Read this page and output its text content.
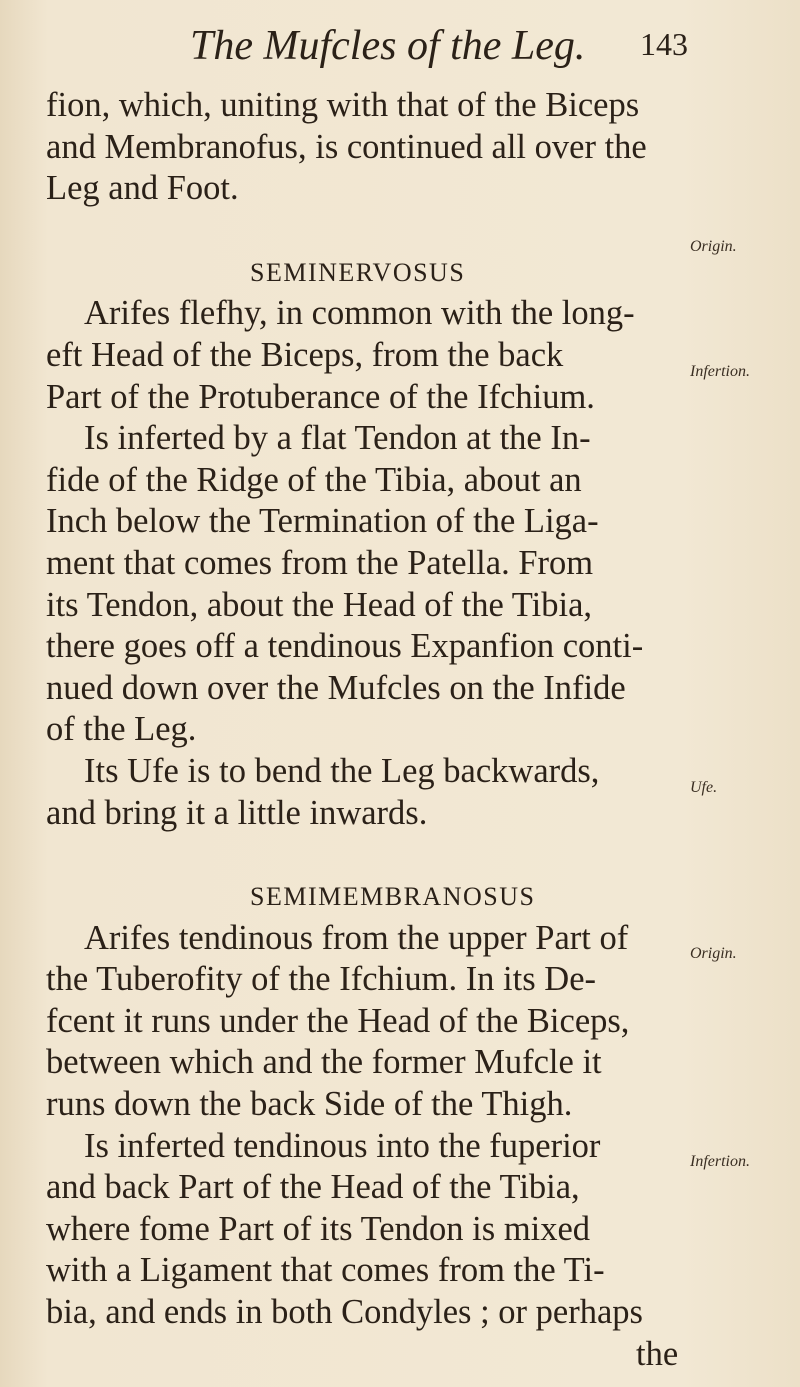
The Mufcles of the Leg. 143
fion, which, uniting with that of the Biceps
and Membranofus, is continued all over the
Leg and Foot.
SEMINERVOSUS
Arifes flefhy, in common with the long-
eft Head of the Biceps, from the back
Part of the Protuberance of the Ifchium.
Is inferted by a flat Tendon at the In-
fide of the Ridge of the Tibia, about an
Inch below the Termination of the Liga-
ment that comes from the Patella. From
its Tendon, about the Head of the Tibia,
there goes off a tendinous Expanfion conti-
nued down over the Mufcles on the Infide
of the Leg.
Its Ufe is to bend the Leg backwards,
and bring it a little inwards.
SEMIMEMBRANOSUS
Arifes tendinous from the upper Part of
the Tuberofity of the Ifchium. In its De-
fcent it runs under the Head of the Biceps,
between which and the former Mufcle it
runs down the back Side of the Thigh.
Is inferted tendinous into the fuperior
and back Part of the Head of the Tibia,
where fome Part of its Tendon is mixed
with a Ligament that comes from the Ti-
bia, and ends in both Condyles ; or perhaps
the
Origin.
Infertion.
Ufe.
Origin.
Infertion.
